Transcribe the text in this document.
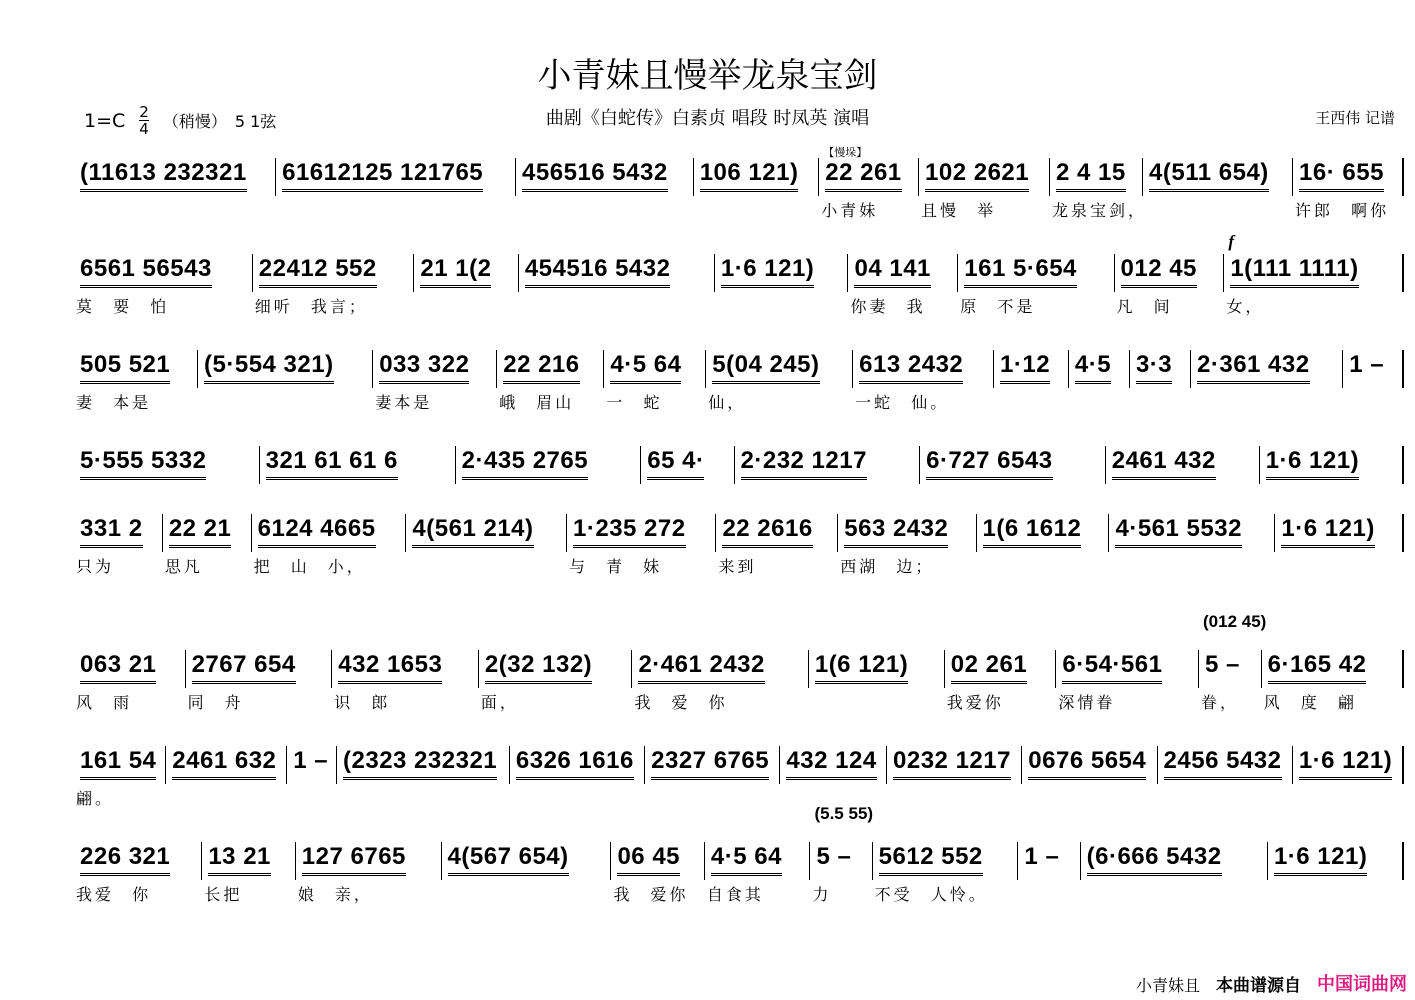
小青妹且慢举龙泉宝剑
$1=C \frac{2}{4}$ （稍慢） 5 1弦	曲剧《白蛇传》白素贞 唱段 时凤英 演唱	王西伟 记谱
(11613 232321 61612125 121765 456516 5432 106 121) 22 261
小青妹
【慢垛】
102 2621
且慢 举
2 4 15
龙泉宝剑，
4(511 654) 16· 655
许郎 啊你
6561 56543
莫 要 怕
22412 552
细听 我言；
21 1(2 454516 5432 1·6 121) 04 141
你妻 我
161 5·654
原 不是
012 45
凡 间
1(111 1111)
女，
f
505 521
妻 本是
(5·554 321) 033 322
妻本是
22 216
峨 眉山
4·5 64
一 蛇
5(04 245)
仙，
613 2432
一蛇 仙。
1·12 4·5 3·3 2·361 432 1 –
5·555 5332 321 61 61 6	2·435 2765 65 4· 2·232 1217 6·727 6543 2461 432 1·6 121)
331 2
只为
22 21
思凡
6124 4665
把 山 小，
4(561 214) 1·235 272
与 青 妹
22 2616
来到
563 2432
西湖 边；
1(6 1612 4·561 5532 1·6 121)
063 21
风 雨
2767 654
同 舟
432 1653
识 郎
2(32 132)
面，
2·461 2432
我 爱 你
1(6 121) 02 261
我爱你
6·54·561
深情眷
5 –
眷，
(012 45)
6·165 42
风 度 翩
161 54
翩。
2461 632 1 – (2323 232321 6326 1616 2327 6765 432 124 0232 1217 0676 5654 2456 5432 1·6 121)
226 321
我爱 你
13 21
长把
127 6765
娘 亲，
4(567 654) 06 45
我 爱你
4·5 64
自食其
5 –
力
(5.5 55)
5612 552
不受 人怜。
1 – (6·666 5432 1·6 121)
小青妹且 本曲谱源自 中国词曲网
